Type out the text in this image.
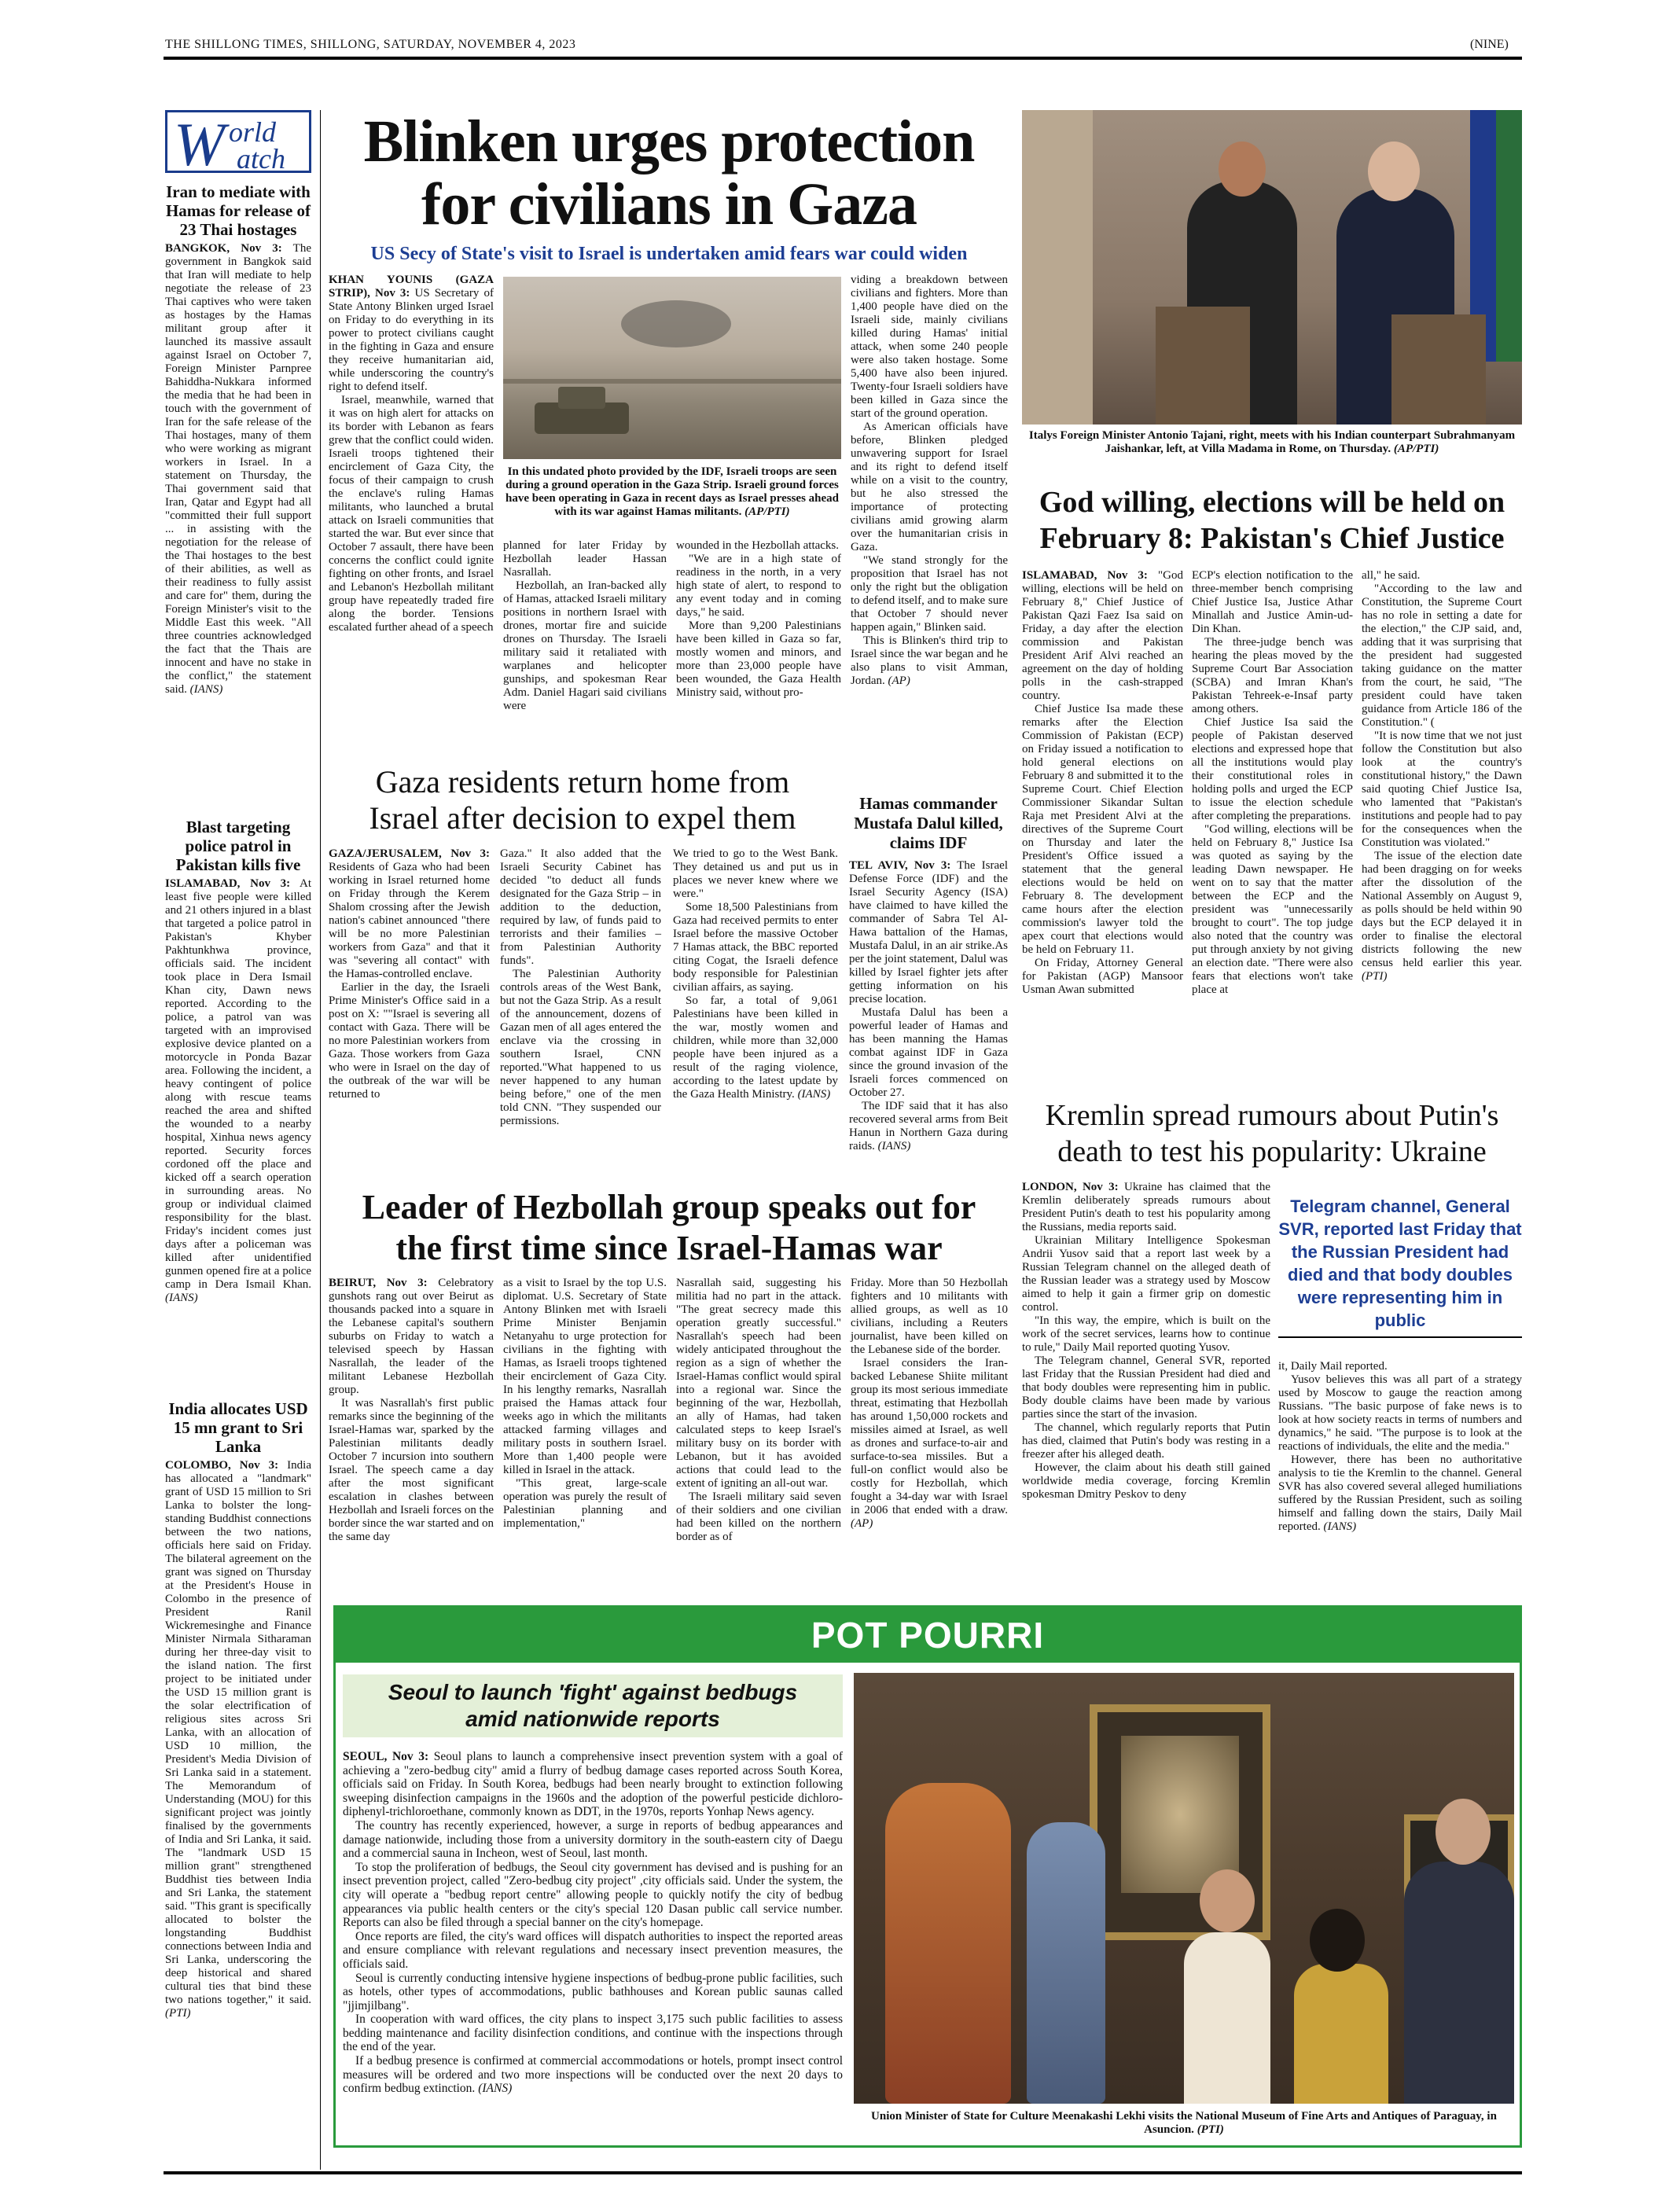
THE SHILLONG TIMES, SHILLONG, SATURDAY, NOVEMBER 4, 2023	(NINE)
W orld
atch
Iran to mediate with Hamas for release of 23 Thai hostages
BANGKOK, Nov 3: The government in Bangkok said that Iran will mediate to help negotiate the release of 23 Thai captives who were taken as hostages by the Hamas militant group after it launched its massive assault against Israel on October 7, Foreign Minister Parnpree Bahiddha-Nukkara informed the media that he had been in touch with the government of Iran for the safe release of the Thai hostages, many of them who were working as migrant workers in Israel. In a statement on Thursday, the Thai government said that Iran, Qatar and Egypt had all "committed their full support ... in assisting with the negotiation for the release of the Thai hostages to the best of their abilities, as well as their readiness to fully assist and care for" them, during the Foreign Minister's visit to the Middle East this week. "All three countries acknowledged the fact that the Thais are innocent and have no stake in the conflict," the statement said. (IANS)
Blast targeting police patrol in Pakistan kills five
ISLAMABAD, Nov 3: At least five people were killed and 21 others injured in a blast that targeted a police patrol in Pakistan's Khyber Pakhtunkhwa province, officials said. The incident took place in Dera Ismail Khan city, Dawn news reported. According to the police, a patrol van was targeted with an improvised explosive device planted on a motorcycle in Ponda Bazar area. Following the incident, a heavy contingent of police along with rescue teams reached the area and shifted the wounded to a nearby hospital, Xinhua news agency reported. Security forces cordoned off the place and kicked off a search operation in surrounding areas. No group or individual claimed responsibility for the blast. Friday's incident comes just days after a policeman was killed after unidentified gunmen opened fire at a police camp in Dera Ismail Khan. (IANS)
India allocates USD 15 mn grant to Sri Lanka
COLOMBO, Nov 3: India has allocated a "landmark" grant of USD 15 million to Sri Lanka to bolster the long-standing Buddhist connections between the two nations, officials here said on Friday. The bilateral agreement on the grant was signed on Thursday at the President's House in Colombo in the presence of President Ranil Wickremesinghe and Finance Minister Nirmala Sitharaman during her three-day visit to the island nation. The first project to be initiated under the USD 15 million grant is the solar electrification of religious sites across Sri Lanka, with an allocation of USD 10 million, the President's Media Division of Sri Lanka said in a statement. The Memorandum of Understanding (MOU) for this significant project was jointly finalised by the governments of India and Sri Lanka, it said. The "landmark USD 15 million grant" strengthened Buddhist ties between India and Sri Lanka, the statement said. "This grant is specifically allocated to bolster the longstanding Buddhist connections between India and Sri Lanka, underscoring the deep historical and shared cultural ties that bind these two nations together," it said. (PTI)
Blinken urges protection
for civilians in Gaza
US Secy of State's visit to Israel is undertaken amid fears war could widen

KHAN YOUNIS (GAZA STRIP), Nov 3: US Secretary of State Antony Blinken urged Israel on Friday to do everything in its power to protect civilians caught in the fighting in Gaza and ensure they receive humanitarian aid, while underscoring the country's right to defend itself.

Israel, meanwhile, warned that it was on high alert for attacks on its border with Lebanon as fears grew that the conflict could widen. Israeli troops tightened their encirclement of Gaza City, the focus of their campaign to crush the enclave's ruling Hamas militants, who launched a brutal attack on Israeli communities that started the war. But ever since that October 7 assault, there have been concerns the conflict could ignite fighting on other fronts, and Israel and Lebanon's Hezbollah militant group have repeatedly traded fire along the border. Tensions escalated further ahead of a speech

In this undated photo provided by the IDF, Israeli troops are seen during a ground operation in the Gaza Strip. Israeli ground forces have been operating in Gaza in recent days as Israel presses ahead with its war against Hamas militants. (AP/PTI)

planned for later Friday by Hezbollah leader Hassan Nasrallah.

Hezbollah, an Iran-backed ally of Hamas, attacked Israeli military positions in northern Israel with drones, mortar fire and suicide drones on Thursday. The Israeli military said it retaliated with warplanes and helicopter gunships, and spokesman Rear Adm. Daniel Hagari said civilians were

wounded in the Hezbollah attacks.

"We are in a high state of readiness in the north, in a very high state of alert, to respond to any event today and in coming days," he said.

More than 9,200 Palestinians have been killed in Gaza so far, mostly women and minors, and more than 23,000 people have been wounded, the Gaza Health Ministry said, without pro-

viding a breakdown between civilians and fighters. More than 1,400 people have died on the Israeli side, mainly civilians killed during Hamas' initial attack, when some 240 people were also taken hostage. Some 5,400 have also been injured. Twenty-four Israeli soldiers have been killed in Gaza since the start of the ground operation.

As American officials have before, Blinken pledged unwavering support for Israel and its right to defend itself while on a visit to the country, but he also stressed the importance of protecting civilians amid growing alarm over the humanitarian crisis in Gaza.

"We stand strongly for the proposition that Israel has not only the right but the obligation to defend itself, and to make sure that October 7 should never happen again," Blinken said.

This is Blinken's third trip to Israel since the war began and he also plans to visit Amman, Jordan. (AP)

Gaza residents return home from
Israel after decision to expel them

GAZA/JERUSALEM, Nov 3: Residents of Gaza who had been working in Israel returned home on Friday through the Kerem Shalom crossing after the Jewish nation's cabinet announced "there will be no more Palestinian workers from Gaza" and that it was "severing all contact" with the Hamas-controlled enclave.

Earlier in the day, the Israeli Prime Minister's Office said in a post on X: ""Israel is severing all contact with Gaza. There will be no more Palestinian workers from Gaza. Those workers from Gaza who were in Israel on the day of the outbreak of the war will be returned to

Gaza." It also added that the Israeli Security Cabinet has decided "to deduct all funds designated for the Gaza Strip – in addition to the deduction, required by law, of funds paid to terrorists and their families – from Palestinian Authority funds".

The Palestinian Authority controls areas of the West Bank, but not the Gaza Strip. As a result of the announcement, dozens of Gazan men of all ages entered the enclave via the crossing in southern Israel, CNN reported."What happened to us never happened to any human being before," one of the men told CNN. "They suspended our permissions.

We tried to go to the West Bank. They detained us and put us in places we never knew where we were."

Some 18,500 Palestinians from Gaza had received permits to enter Israel before the massive October 7 Hamas attack, the BBC reported citing Cogat, the Israeli defence body responsible for Palestinian civilian affairs, as saying.

So far, a total of 9,061 Palestinians have been killed in the war, mostly women and children, while more than 32,000 people have been injured as a result of the raging violence, according to the latest update by the Gaza Health Ministry. (IANS)

Hamas commander Mustafa Dalul killed, claims IDF

TEL AVIV, Nov 3: The Israel Defense Force (IDF) and the Israel Security Agency (ISA) have claimed to have killed the commander of Sabra Tel Al-Hawa battalion of the Hamas, Mustafa Dalul, in an air strike.As per the joint statement, Dalul was killed by Israel fighter jets after getting information on his precise location.

Mustafa Dalul has been a powerful leader of Hamas and has been manning the Hamas combat against IDF in Gaza since the ground invasion of the Israeli forces commenced on October 27.

The IDF said that it has also recovered several arms from Beit Hanun in Northern Gaza during raids. (IANS)

Italys Foreign Minister Antonio Tajani, right, meets with his Indian counterpart Subrahmanyam Jaishankar, left, at Villa Madama in Rome, on Thursday. (AP/PTI)
God willing, elections will be held on
February 8: Pakistan's Chief Justice

ISLAMABAD, Nov 3: "God willing, elections will be held on February 8," Chief Justice of Pakistan Qazi Faez Isa said on Friday, a day after the election commission and Pakistan President Arif Alvi reached an agreement on the day of holding polls in the cash-strapped country.

Chief Justice Isa made these remarks after the Election Commission of Pakistan (ECP) on Friday issued a notification to hold general elections on February 8 and submitted it to the Supreme Court. Chief Election Commissioner Sikandar Sultan Raja met President Alvi at the directives of the Supreme Court on Thursday and later the President's Office issued a statement that the general elections would be held on February 8. The development came hours after the election commission's lawyer told the apex court that elections would be held on February 11.

On Friday, Attorney General for Pakistan (AGP) Mansoor Usman Awan submitted

ECP's election notification to the three-member bench comprising Chief Justice Isa, Justice Athar Minallah and Justice Amin-ud-Din Khan.

The three-judge bench was hearing the pleas moved by the Supreme Court Bar Association (SCBA) and Imran Khan's Pakistan Tehreek-e-Insaf party among others.

Chief Justice Isa said the people of Pakistan deserved elections and expressed hope that all the institutions would play their constitutional roles in holding polls and urged the ECP to issue the election schedule after completing the preparations.

"God willing, elections will be held on February 8," Justice Isa was quoted as saying by the leading Dawn newspaper. He went on to say that the matter between the ECP and the president was "unnecessarily brought to court". The top judge also noted that the country was put through anxiety by not giving an election date. "There were also fears that elections won't take place at

all," he said.

"According to the law and Constitution, the Supreme Court has no role in setting a date for the election," the CJP said, and, adding that it was surprising that the president had suggested taking guidance on the matter from the court, he said, "The president could have taken guidance from Article 186 of the Constitution." (

"It is now time that we not just follow the Constitution but also look at the country's constitutional history," the Dawn said quoting Chief Justice Isa, who lamented that "Pakistan's institutions and people had to pay for the consequences when the Constitution was violated."

The issue of the election date had been dragging on for weeks after the dissolution of the National Assembly on August 9, as polls should be held within 90 days but the ECP delayed it in order to finalise the electoral districts following the new census held earlier this year. (PTI)

Kremlin spread rumours about Putin's
death to test his popularity: Ukraine

LONDON, Nov 3: Ukraine has claimed that the Kremlin deliberately spreads rumours about President Putin's death to test his popularity among the Russians, media reports said.

Ukrainian Military Intelligence Spokesman Andrii Yusov said that a report last week by a Russian Telegram channel on the alleged death of the Russian leader was a strategy used by Moscow aimed to help it gain a firmer grip on domestic control.

"In this way, the empire, which is built on the work of the secret services, learns how to continue to rule," Daily Mail reported quoting Yusov.

The Telegram channel, General SVR, reported last Friday that the Russian President had died and that body doubles were representing him in public. Body double claims have been made by various parties since the start of the invasion.

The channel, which regularly reports that Putin has died, claimed that Putin's body was resting in a freezer after his alleged death.

However, the claim about his death still gained worldwide media coverage, forcing Kremlin spokesman Dmitry Peskov to deny

Telegram channel, General SVR, reported last Friday that the Russian President had died and that body doubles were representing him in public

it, Daily Mail reported.

Yusov believes this was all part of a strategy used by Moscow to gauge the reaction among Russians. "The basic purpose of fake news is to look at how society reacts in terms of numbers and dynamics," he said. "The purpose is to look at the reactions of individuals, the elite and the media."

However, there has been no authoritative analysis to tie the Kremlin to the channel. General SVR has also covered several alleged humiliations suffered by the Russian President, such as soiling himself and falling down the stairs, Daily Mail reported. (IANS)

Leader of Hezbollah group speaks out for
the first time since Israel-Hamas war

BEIRUT, Nov 3: Celebratory gunshots rang out over Beirut as thousands packed into a square in the Lebanese capital's southern suburbs on Friday to watch a televised speech by Hassan Nasrallah, the leader of the militant Lebanese Hezbollah group.

It was Nasrallah's first public remarks since the beginning of the Israel-Hamas war, sparked by the Palestinian militants deadly October 7 incursion into southern Israel. The speech came a day after the most significant escalation in clashes between Hezbollah and Israeli forces on the border since the war started and on the same day

as a visit to Israel by the top U.S. diplomat. U.S. Secretary of State Antony Blinken met with Israeli Prime Minister Benjamin Netanyahu to urge protection for civilians in the fighting with Hamas, as Israeli troops tightened their encirclement of Gaza City. In his lengthy remarks, Nasrallah praised the Hamas attack four weeks ago in which the militants attacked farming villages and military posts in southern Israel. More than 1,400 people were killed in Israel in the attack.

"This great, large-scale operation was purely the result of Palestinian planning and implementation,"

Nasrallah said, suggesting his militia had no part in the attack. "The great secrecy made this operation greatly successful." Nasrallah's speech had been widely anticipated throughout the region as a sign of whether the Israel-Hamas conflict would spiral into a regional war. Since the beginning of the war, Hezbollah, an ally of Hamas, had taken calculated steps to keep Israel's military busy on its border with Lebanon, but it has avoided actions that could lead to the extent of igniting an all-out war.

The Israeli military said seven of their soldiers and one civilian had been killed on the northern border as of

Friday. More than 50 Hezbollah fighters and 10 militants with allied groups, as well as 10 civilians, including a Reuters journalist, have been killed on the Lebanese side of the border.

Israel considers the Iran-backed Lebanese Shiite militant group its most serious immediate threat, estimating that Hezbollah has around 1,50,000 rockets and missiles aimed at Israel, as well as drones and surface-to-air and surface-to-sea missiles. But a full-on conflict would also be costly for Hezbollah, which fought a 34-day war with Israel in 2006 that ended with a draw. (AP)

POT POURRI
Seoul to launch 'fight' against bedbugs
amid nationwide reports

SEOUL, Nov 3: Seoul plans to launch a comprehensive insect prevention system with a goal of achieving a "zero-bedbug city" amid a flurry of bedbug damage cases reported across South Korea, officials said on Friday. In South Korea, bedbugs had been nearly brought to extinction following sweeping disinfection campaigns in the 1960s and the adoption of the powerful pesticide dichloro-diphenyl-trichloroethane, commonly known as DDT, in the 1970s, reports Yonhap News agency.

The country has recently experienced, however, a surge in reports of bedbug appearances and damage nationwide, including those from a university dormitory in the south-eastern city of Daegu and a commercial sauna in Incheon, west of Seoul, last month.

To stop the proliferation of bedbugs, the Seoul city government has devised and is pushing for an insect prevention project, called "Zero-bedbug city project" ,city officials said. Under the system, the city will operate a "bedbug report centre" allowing people to quickly notify the city of bedbug appearances via public health centers or the city's special 120 Dasan public call service number. Reports can also be filed through a special banner on the city's homepage.

Once reports are filed, the city's ward offices will dispatch authorities to inspect the reported areas and ensure compliance with relevant regulations and necessary insect prevention measures, the officials said.

Seoul is currently conducting intensive hygiene inspections of bedbug-prone public facilities, such as hotels, other types of accommodations, public bathhouses and Korean public saunas called "jjimjilbang".

In cooperation with ward offices, the city plans to inspect 3,175 such public facilities to assess bedding maintenance and facility disinfection conditions, and continue with the inspections through the end of the year.

If a bedbug presence is confirmed at commercial accommodations or hotels, prompt insect control measures will be ordered and two more inspections will be conducted over the next 20 days to confirm bedbug extinction. (IANS)

Union Minister of State for Culture Meenakashi Lekhi visits the National Museum of Fine Arts and Antiques of Paraguay, in Asuncion. (PTI)
